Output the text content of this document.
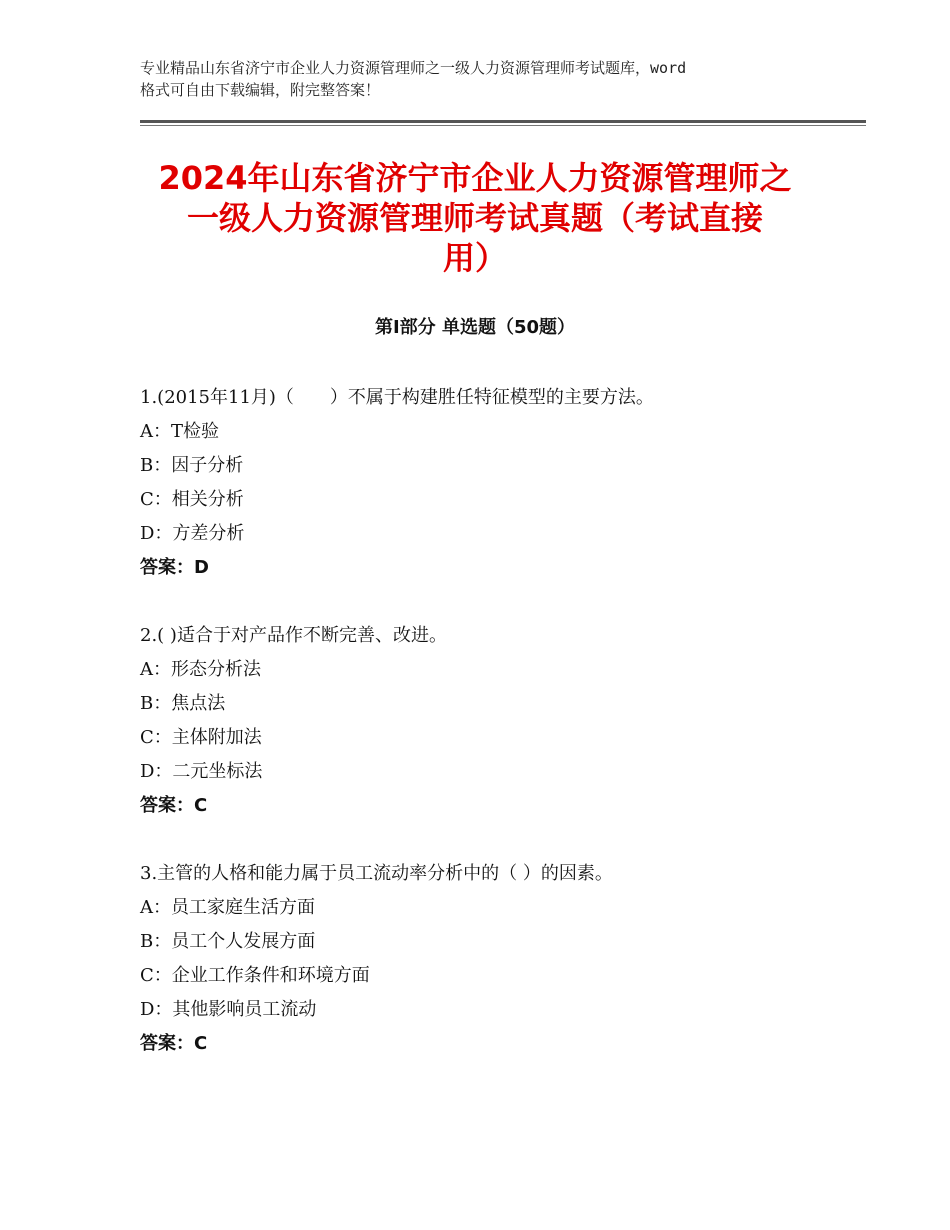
专业精品山东省济宁市企业人力资源管理师之一级人力资源管理师考试题库，word
格式可自由下载编辑，附完整答案！
2024年山东省济宁市企业人力资源管理师之
一级人力资源管理师考试真题（考试直接
用）
第Ⅰ部分 单选题（50题）
1.(2015年11月)（　　）不属于构建胜任特征模型的主要方法。
A：T检验
B：因子分析
C：相关分析
D：方差分析
答案：D
2.( )适合于对产品作不断完善、改进。
A：形态分析法
B：焦点法
C：主体附加法
D：二元坐标法
答案：C
3.主管的人格和能力属于员工流动率分析中的（ ）的因素。
A：员工家庭生活方面
B：员工个人发展方面
C：企业工作条件和环境方面
D：其他影响员工流动
答案：C
